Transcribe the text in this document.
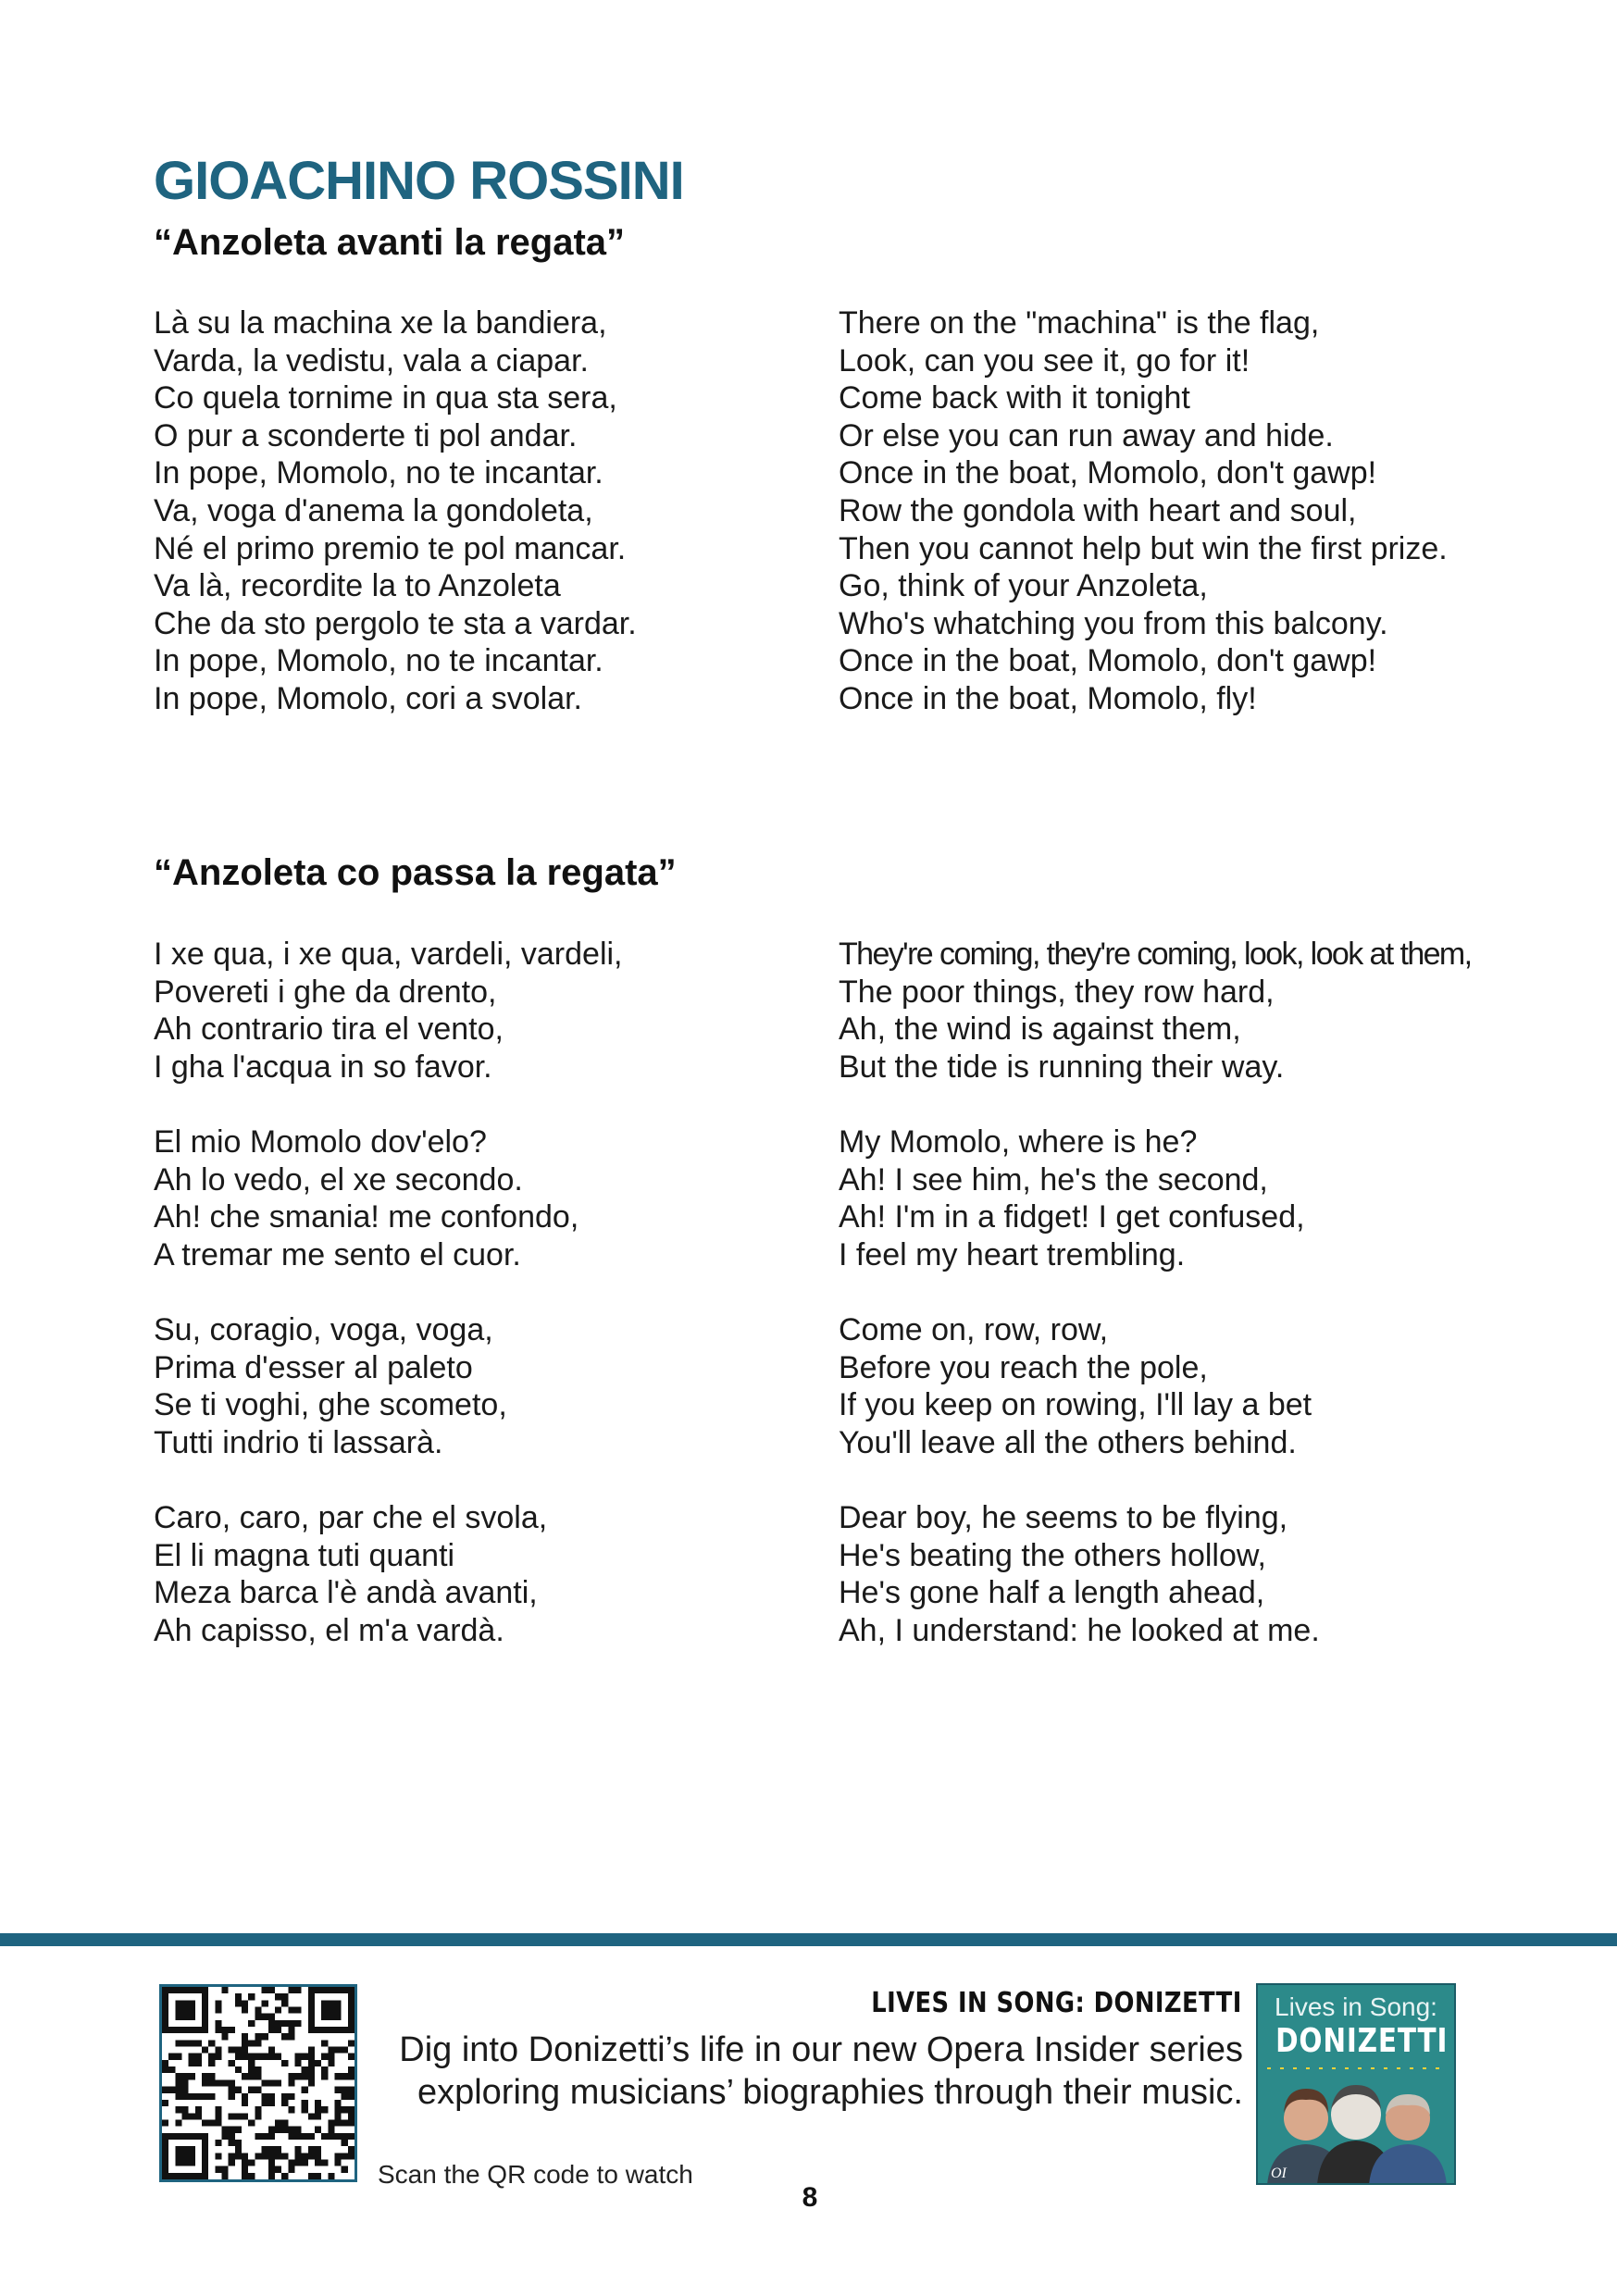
GIOACHINO ROSSINI
“Anzoleta avanti la regata”
Là su la machina xe la bandiera,
Varda, la vedistu, vala a ciapar.
Co quela tornime in qua sta sera,
O pur a sconderte ti pol andar.
In pope, Momolo, no te incantar.
Va, voga d'anema la gondoleta,
Né el primo premio te pol mancar.
Va là, recordite la to Anzoleta
Che da sto pergolo te sta a vardar.
In pope, Momolo, no te incantar.
In pope, Momolo, cori a svolar.
There on the "machina" is the flag,
Look, can you see it, go for it!
Come back with it tonight
Or else you can run away and hide.
Once in the boat, Momolo, don't gawp!
Row the gondola with heart and soul,
Then you cannot help but win the first prize.
Go, think of your Anzoleta,
Who's whatching you from this balcony.
Once in the boat, Momolo, don't gawp!
Once in the boat, Momolo, fly!
“Anzoleta co passa la regata”
I xe qua, i xe qua, vardeli, vardeli,
Povereti i ghe da drento,
Ah contrario tira el vento,
I gha l'acqua in so favor.
El mio Momolo dov'elo?
Ah lo vedo, el xe secondo.
Ah! che smania! me confondo,
A tremar me sento el cuor.
Su, coragio, voga, voga,
Prima d'esser al paleto
Se ti voghi, ghe scometo,
Tutti indrio ti lassarà.
Caro, caro, par che el svola,
El li magna tuti quanti
Meza barca l'è andà avanti,
Ah capisso, el m'a vardà.
They're coming, they're coming, look, look at them,
The poor things, they row hard,
Ah, the wind is against them,
But the tide is running their way.
My Momolo, where is he?
Ah! I see him, he's the second,
Ah! I'm in a fidget! I get confused,
I feel my heart trembling.
Come on, row, row,
Before you reach the pole,
If you keep on rowing, I'll lay a bet
You'll leave all the others behind.
Dear boy, he seems to be flying,
He's beating the others hollow,
He's gone half a length ahead,
Ah, I understand: he looked at me.
LIVES IN SONG: DONIZETTI
Dig into Donizetti’s life in our new Opera Insider series
exploring musicians’ biographies through their music.
Scan the QR code to watch
8
Lives in Song:
DONIZETTI
OI
